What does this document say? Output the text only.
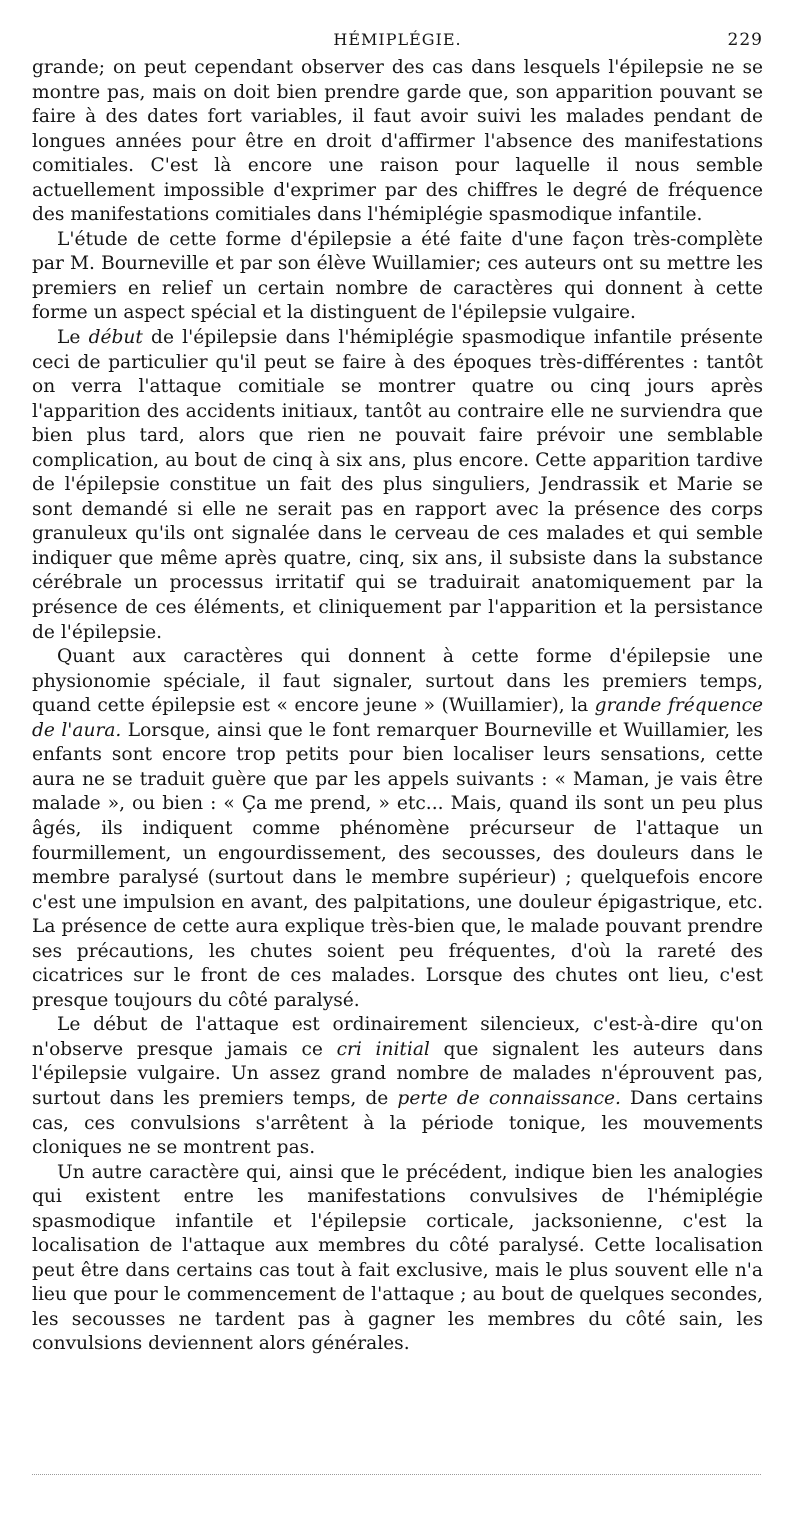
HÉMIPLÉGIE.	229

grande; on peut cependant observer des cas dans lesquels l'épilepsie ne se montre pas, mais on doit bien prendre garde que, son apparition pouvant se faire à des dates fort variables, il faut avoir suivi les malades pendant de longues années pour être en droit d'affirmer l'absence des manifestations comitiales. C'est là encore une raison pour laquelle il nous semble actuellement impossible d'exprimer par des chiffres le degré de fréquence des manifestations comitiales dans l'hémiplégie spasmodique infantile.

L'étude de cette forme d'épilepsie a été faite d'une façon très-complète par M. Bourneville et par son élève Wuillamier; ces auteurs ont su mettre les premiers en relief un certain nombre de caractères qui donnent à cette forme un aspect spécial et la distinguent de l'épilepsie vulgaire.

Le début de l'épilepsie dans l'hémiplégie spasmodique infantile présente ceci de particulier qu'il peut se faire à des époques très-différentes : tantôt on verra l'attaque comitiale se montrer quatre ou cinq jours après l'apparition des accidents initiaux, tantôt au contraire elle ne surviendra que bien plus tard, alors que rien ne pouvait faire prévoir une semblable complication, au bout de cinq à six ans, plus encore. Cette apparition tardive de l'épilepsie constitue un fait des plus singuliers, Jendrassik et Marie se sont demandé si elle ne serait pas en rapport avec la présence des corps granuleux qu'ils ont signalée dans le cerveau de ces malades et qui semble indiquer que même après quatre, cinq, six ans, il subsiste dans la substance cérébrale un processus irritatif qui se traduirait anatomiquement par la présence de ces éléments, et cliniquement par l'apparition et la persistance de l'épilepsie.

Quant aux caractères qui donnent à cette forme d'épilepsie une physionomie spéciale, il faut signaler, surtout dans les premiers temps, quand cette épilepsie est « encore jeune » (Wuillamier), la grande fréquence de l'aura. Lorsque, ainsi que le font remarquer Bourneville et Wuillamier, les enfants sont encore trop petits pour bien localiser leurs sensations, cette aura ne se traduit guère que par les appels suivants : « Maman, je vais être malade », ou bien : « Ça me prend, » etc... Mais, quand ils sont un peu plus âgés, ils indiquent comme phénomène précurseur de l'attaque un fourmillement, un engourdissement, des secousses, des douleurs dans le membre paralysé (surtout dans le membre supérieur) ; quelquefois encore c'est une impulsion en avant, des palpitations, une douleur épigastrique, etc. La présence de cette aura explique très-bien que, le malade pouvant prendre ses précautions, les chutes soient peu fréquentes, d'où la rareté des cicatrices sur le front de ces malades. Lorsque des chutes ont lieu, c'est presque toujours du côté paralysé.

Le début de l'attaque est ordinairement silencieux, c'est-à-dire qu'on n'observe presque jamais ce cri initial que signalent les auteurs dans l'épilepsie vulgaire. Un assez grand nombre de malades n'éprouvent pas, surtout dans les premiers temps, de perte de connaissance. Dans certains cas, ces convulsions s'arrêtent à la période tonique, les mouvements cloniques ne se montrent pas.

Un autre caractère qui, ainsi que le précédent, indique bien les analogies qui existent entre les manifestations convulsives de l'hémiplégie spasmodique infantile et l'épilepsie corticale, jacksonienne, c'est la localisation de l'attaque aux membres du côté paralysé. Cette localisation peut être dans certains cas tout à fait exclusive, mais le plus souvent elle n'a lieu que pour le commencement de l'attaque ; au bout de quelques secondes, les secousses ne tardent pas à gagner les membres du côté sain, les convulsions deviennent alors générales.
